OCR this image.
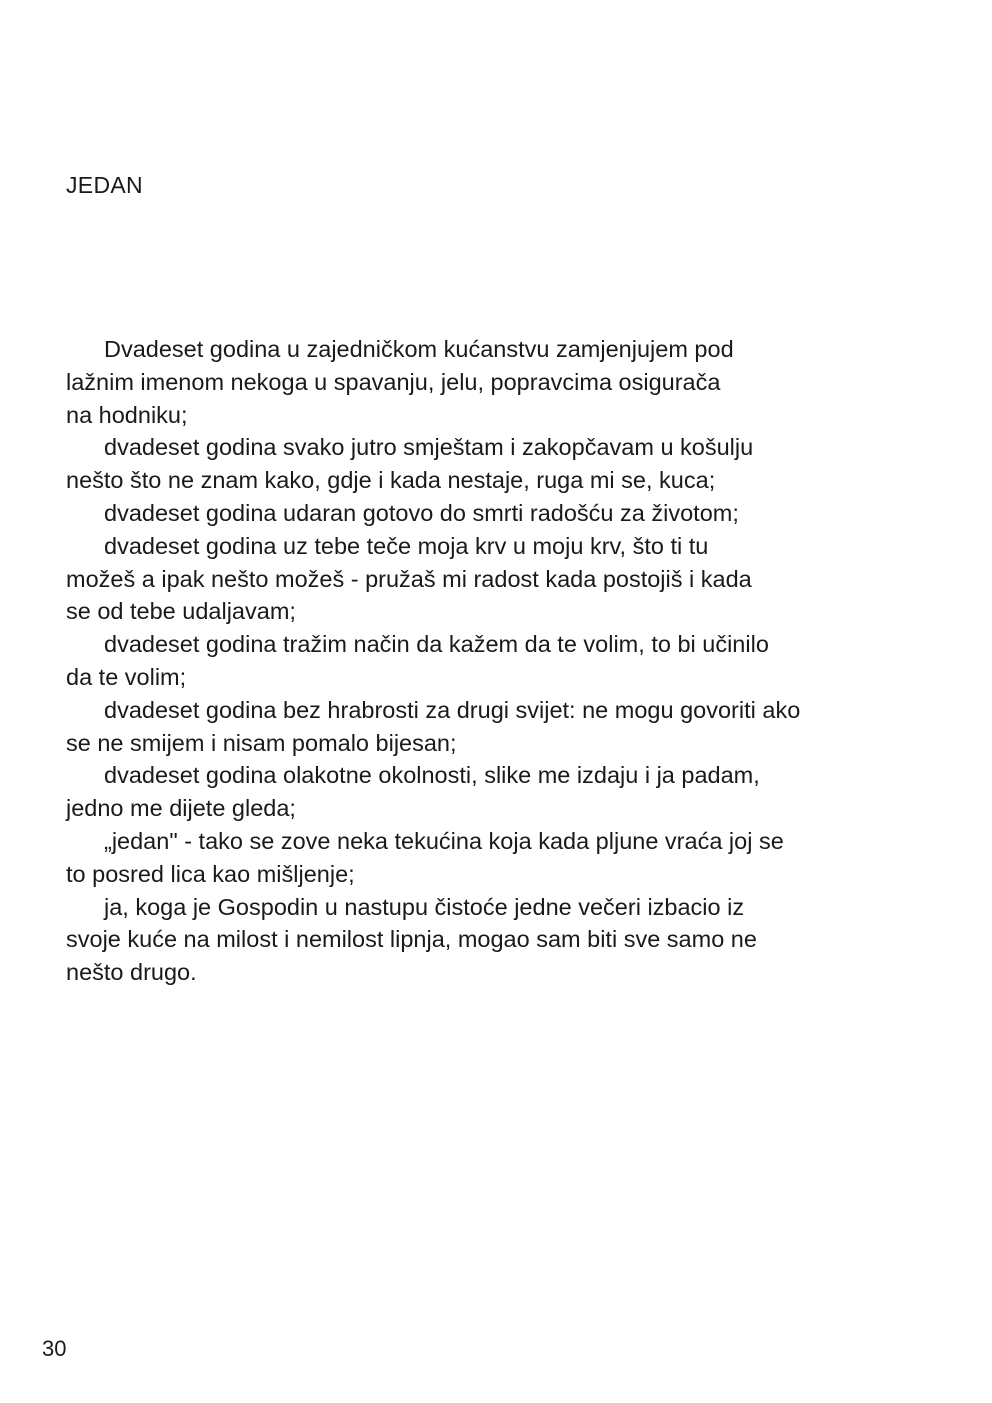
JEDAN
Dvadeset godina u zajedničkom kućanstvu zamjenjujem pod
lažnim imenom nekoga u spavanju, jelu, popravcima osigurača
na hodniku;
dvadeset godina svako jutro smještam i zakopčavam u košulju
nešto što ne znam kako, gdje i kada nestaje, ruga mi se, kuca;
dvadeset godina udaran gotovo do smrti radošću za životom;
dvadeset godina uz tebe teče moja krv u moju krv, što ti tu
možeš a ipak nešto možeš - pružaš mi radost kada postojiš i kada
se od tebe udaljavam;
dvadeset godina tražim način da kažem da te volim, to bi učinilo
da te volim;
dvadeset godina bez hrabrosti za drugi svijet: ne mogu govoriti ako
se ne smijem i nisam pomalo bijesan;
dvadeset godina olakotne okolnosti, slike me izdaju i ja padam,
jedno me dijete gleda;
„jedan" - tako se zove neka tekućina koja kada pljune vraća joj se
to posred lica kao mišljenje;
ja, koga je Gospodin u nastupu čistoće jedne večeri izbacio iz
svoje kuće na milost i nemilost lipnja, mogao sam biti sve samo ne
nešto drugo.
30
